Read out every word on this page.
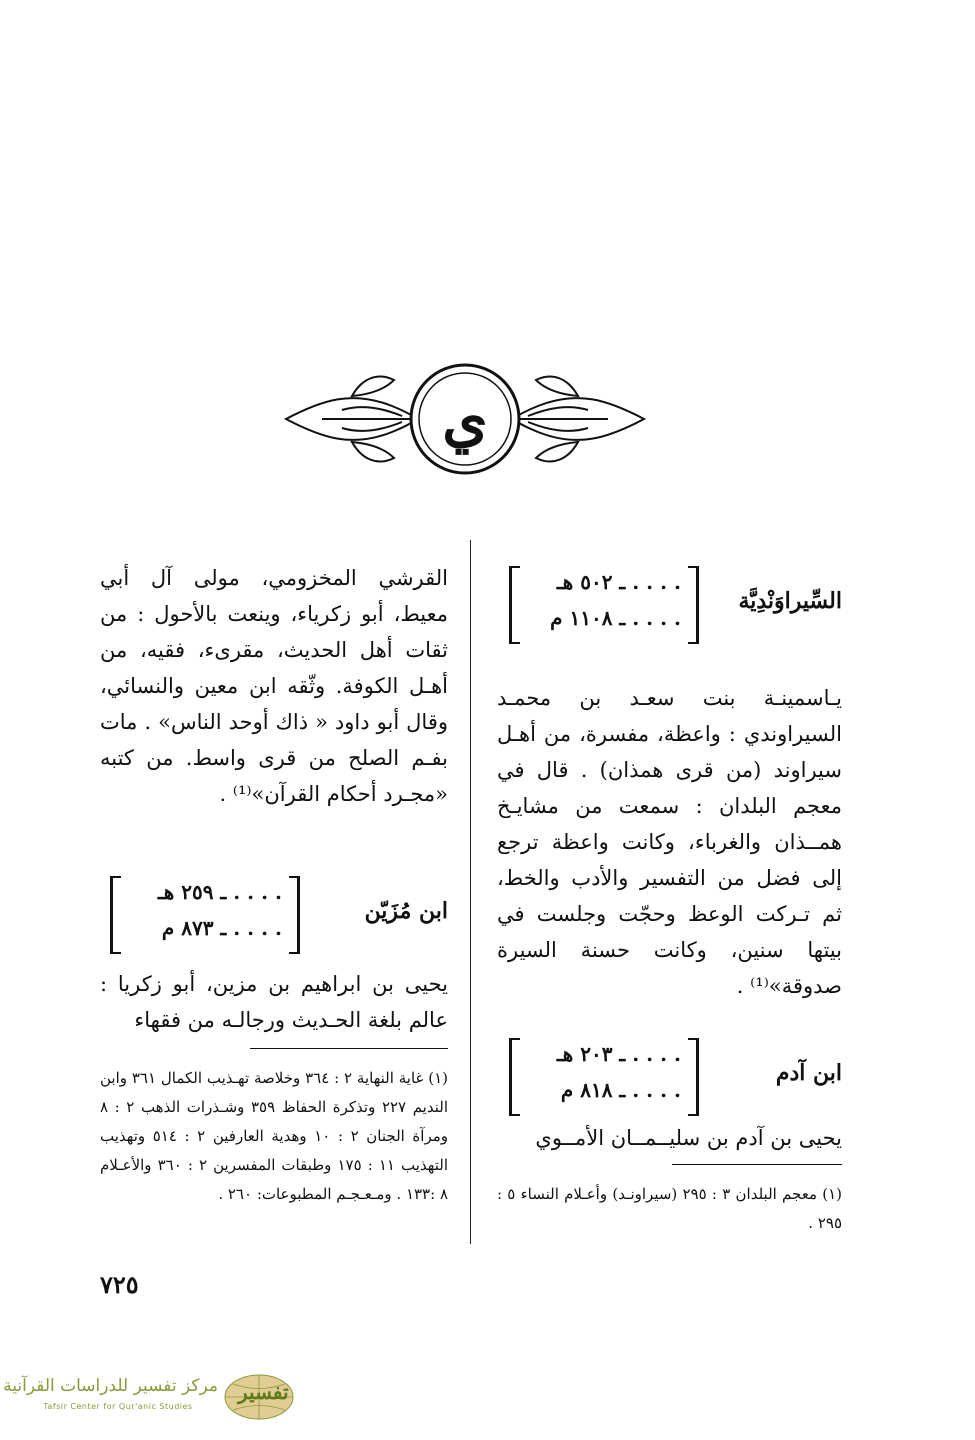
ي
السِّيراوَنْدِيَّة
. . . . ـ ٥٠٢ هـ
. . . . ـ ١١٠٨ م
يـاسمينـة بنت سعـد بن محمـد السيراوندي : واعظة، مفسرة، من أهـل سيراوند (من قرى همذان) . قال في معجم البلدان : سمعت من مشايـخ همــذان والغرباء، وكانت واعظة ترجع إلى فضل من التفسير والأدب والخط، ثم تـركت الوعظ وحجّت وجلست في بيتها سنين، وكانت حسنة السيرة صدوقة»⁽¹⁾ .
ابن آدم
. . . . ـ ٢٠٣ هـ
. . . . ـ ٨١٨ م
يحيى بن آدم بن سليــمــان الأمــوي
(١) معجم البلدان ٣ : ٢٩٥ (سيراونـد) وأعـلام النساء ٥ : ٢٩٥ .
القرشي المخزومي، مولى آل أبي معيط، أبو زكرياء، وينعت بالأحول : من ثقات أهل الحديث، مقرىء، فقيه، من أهـل الكوفة. وثّقه ابن معين والنسائي، وقال أبو داود « ذاك أوحد الناس» . مات بفـم الصلح من قرى واسط. من كتبه «مجـرد أحكام القرآن»⁽¹⁾ .
ابن مُزَيّن
. . . . ـ ٢٥٩ هـ
. . . . ـ ٨٧٣ م
يحيى بن ابراهيم بن مزين، أبو زكريا : عالم بلغة الحـديث ورجالـه من فقهاء
(١) غاية النهاية ٢ : ٣٦٤ وخلاصة تهـذيب الكمال ٣٦١ وابن النديم ٢٢٧ وتذكرة الحفاظ ٣٥٩ وشـذرات الذهب ٢ : ٨ ومرآة الجنان ٢ : ١٠ وهدية العارفين ٢ : ٥١٤ وتهذيب التهذيب ١١ : ١٧٥ وطبقات المفسرين ٢ : ٣٦٠ والأعـلام ٨ :١٣٣ . ومـعـجـم المطبوعات: ٢٦٠ .
٧٢٥
مركز تفسير للدراسات القرآنية
Tafsir Center for Qur'anic Studies
تفسير
